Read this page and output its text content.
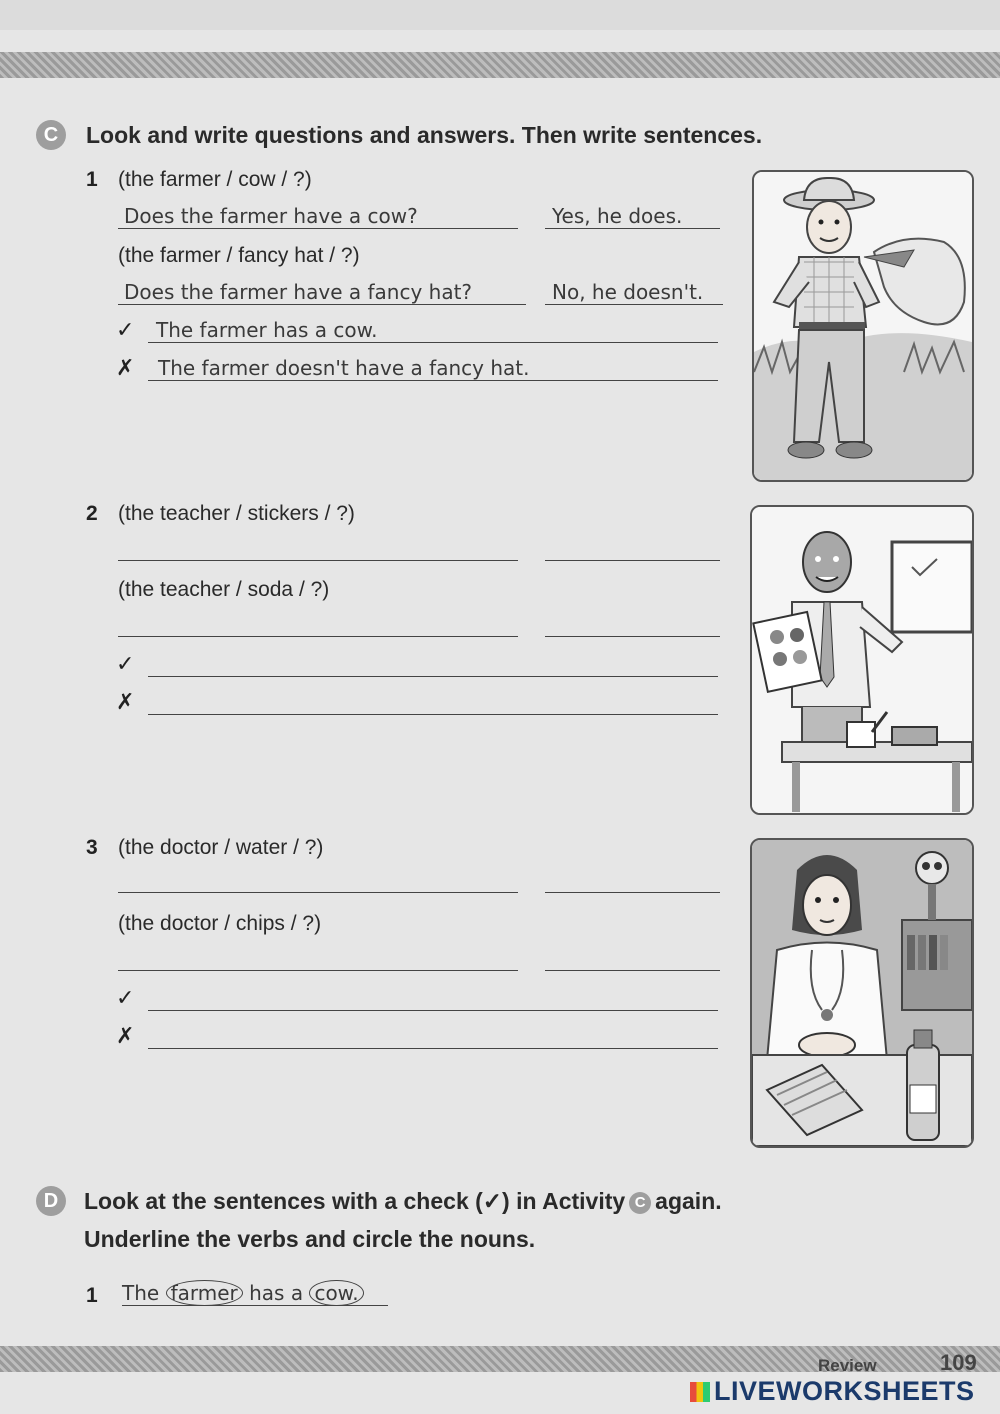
C	Look and write questions and answers. Then write sentences.
1 (the farmer / cow / ?)
Does the farmer have a cow?	Yes, he does.
(the farmer / fancy hat / ?)
Does the farmer have a fancy hat?	No, he doesn't.
✓ The farmer has a cow.
✗ The farmer doesn't have a fancy hat.
2 (the teacher / stickers / ?)
(the teacher / soda / ?)
✓
✗
3 (the doctor / water / ?)
(the doctor / chips / ?)
✓
✗
D	Look at the sentences with a check (✓) in Activity C again.
Underline the verbs and circle the nouns.
1 The farmer has a cow.
Review	109
LIVEWORKSHEETS
